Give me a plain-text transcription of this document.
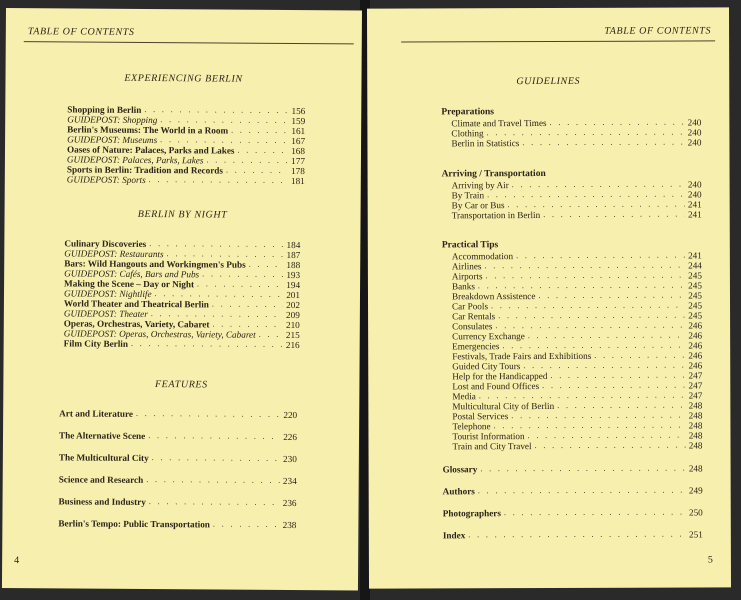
TABLE OF CONTENTS
EXPERIENCING BERLIN
Shopping in Berlin . . .	156
GUIDEPOST: Shopping . . .	159
Berlin's Museums: The World in a Room . . .	161
GUIDEPOST: Museums . . .	167
Oases of Nature: Palaces, Parks and Lakes . . .	168
GUIDEPOST: Palaces, Parks, Lakes . . .	177
Sports in Berlin: Tradition and Records . . .	178
GUIDEPOST: Sports . . .	181
BERLIN BY NIGHT
Culinary Discoveries . . .	184
GUIDEPOST: Restaurants . . .	187
Bars: Wild Hangouts and Workingmen's Pubs . . .	188
GUIDEPOST: Cafés, Bars and Pubs . . .	193
Making the Scene – Day or Night . . .	194
GUIDEPOST: Nightlife . . .	201
World Theater and Theatrical Berlin . . .	202
GUIDEPOST: Theater . . .	209
Operas, Orchestras, Variety, Cabaret . . .	210
GUIDEPOST: Operas, Orchestras, Variety, Cabaret . . .	215
Film City Berlin . . .	216
FEATURES
Art and Literature . . .	220
The Alternative Scene . . .	226
The Multicultural City . . .	230
Science and Research . . .	234
Business and Industry . . .	236
Berlin's Tempo: Public Transportation . . .	238
4
TABLE OF CONTENTS
GUIDELINES
Preparations
Climate and Travel Times . . .	240
Clothing . . .	240
Berlin in Statistics . . .	240
Arriving / Transportation
Arriving by Air . . .	240
By Train . . .	240
By Car or Bus . . .	241
Transportation in Berlin . . .	241
Practical Tips
Accommodation . . .	241
Airlines . . .	244
Airports . . .	245
Banks . . .	245
Breakdown Assistence . . .	245
Car Pools . . .	245
Car Rentals . . .	245
Consulates . . .	246
Currency Exchange . . .	246
Emergencies . . .	246
Festivals, Trade Fairs and Exhibitions . . .	246
Guided City Tours . . .	246
Help for the Handicapped . . .	247
Lost and Found Offices . . .	247
Media . . .	247
Multicultural City of Berlin . . .	248
Postal Services . . .	248
Telephone . . .	248
Tourist Information . . .	248
Train and City Travel . . .	248
Glossary . . .	248
Authors . . .	249
Photographers . . .	250
Index . . .	251
5
